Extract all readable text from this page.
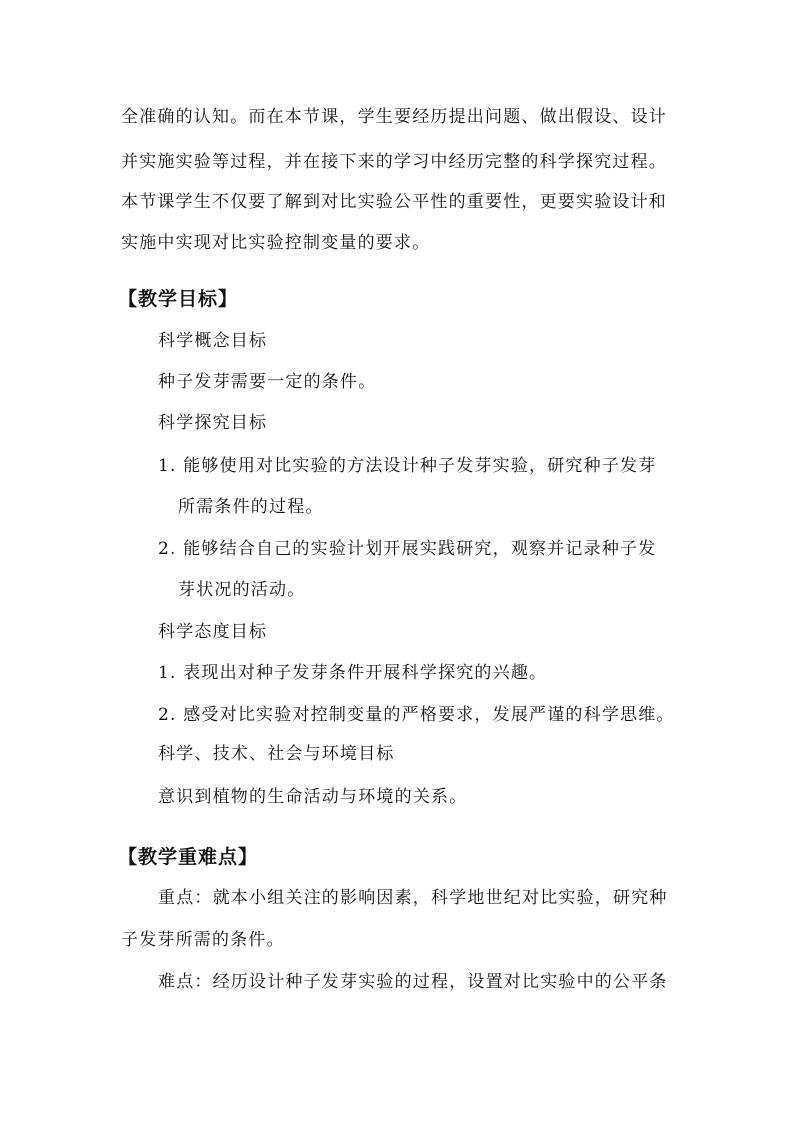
全准确的认知。而在本节课，学生要经历提出问题、做出假设、设计
并实施实验等过程，并在接下来的学习中经历完整的科学探究过程。
本节课学生不仅要了解到对比实验公平性的重要性，更要实验设计和
实施中实现对比实验控制变量的要求。
【教学目标】
科学概念目标
种子发芽需要一定的条件。
科学探究目标
1. 能够使用对比实验的方法设计种子发芽实验，研究种子发芽
所需条件的过程。
2. 能够结合自己的实验计划开展实践研究，观察并记录种子发
芽状况的活动。
科学态度目标
1. 表现出对种子发芽条件开展科学探究的兴趣。
2. 感受对比实验对控制变量的严格要求，发展严谨的科学思维。
科学、技术、社会与环境目标
意识到植物的生命活动与环境的关系。
【教学重难点】
重点：就本小组关注的影响因素，科学地世纪对比实验，研究种
子发芽所需的条件。
难点：经历设计种子发芽实验的过程，设置对比实验中的公平条
